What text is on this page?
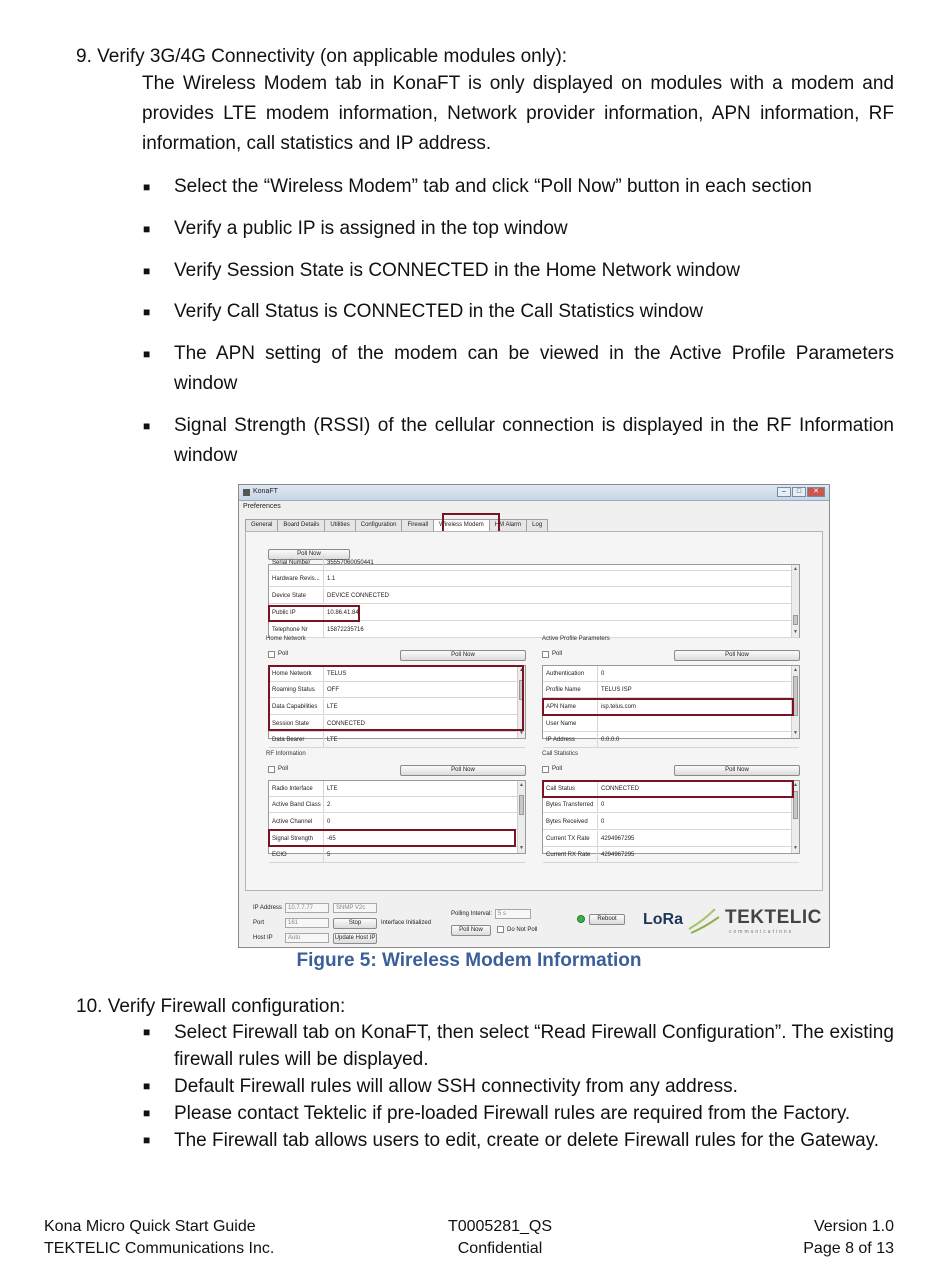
9. Verify 3G/4G Connectivity (on applicable modules only):
The Wireless Modem tab in KonaFT is only displayed on modules with a modem and provides LTE modem information, Network provider information, APN information, RF information, call statistics and IP address.
■ Select the “Wireless Modem” tab and click “Poll Now” button in each section
■ Verify a public IP is assigned in the top window
■ Verify Session State is CONNECTED in the Home Network window
■ Verify Call Status is CONNECTED in the Call Statistics window
■ The APN setting of the modem can be viewed in the Active Profile Parameters window
■ Signal Strength (RSSI) of the cellular connection is displayed in the RF Information window
KonaFT	–	□	✕
Preferences
General	Board Details	Utilities	Configuration	Firewall	Wireless Modem	HM Alarm	Log
Poll Now
Serial Number	35557060050441
Hardware Revis...	1.1
Device State	DEVICE CONNECTED
Public IP	10.86.41.84
Telephone Nr	15872235716
▲
▼
Home Network
Poll	Poll Now
Home Network	TELUS
Roaming Status	OFF
Data Capabilities	LTE
Session State	CONNECTED
Data Bearer	LTE
▲
▼
Active Profile Parameters
Poll	Poll Now
Authentication	0
Profile Name	TELUS ISP
APN Name	isp.telus.com
User Name
IP Address	0.0.0.0
▲
▼
RF Information
Poll	Poll Now
Radio Interface	LTE
Active Band Class	2
Active Channel	0
Signal Strength	-65
ECIO	5
▲
▼
Call Statistics
Poll	Poll Now
Call Status	CONNECTED
Bytes Transferred	0
Bytes Received	0
Current TX Rate	4294967295
Current RX Rate	4294967295
▲
▼
IP Address	10.7.7.77	SNMP V2c
Port	161	Stop	Interface Initialized
Host IP	Auto	Update Host IP
Polling Interval: 5 s
Poll Now	Do Not Poll
Reboot	LoRa TEKTELIC
communications
Figure 5: Wireless Modem Information
10. Verify Firewall configuration:
■ Select Firewall tab on KonaFT, then select “Read Firewall Configuration”. The existing firewall rules will be displayed.
■ Default Firewall rules will allow SSH connectivity from any address.
■ Please contact Tektelic if pre-loaded Firewall rules are required from the Factory.
■ The Firewall tab allows users to edit, create or delete Firewall rules for the Gateway.
Kona Micro Quick Start Guide
TEKTELIC Communications Inc.
T0005281_QS
Confidential
Version 1.0
Page 8 of 13
